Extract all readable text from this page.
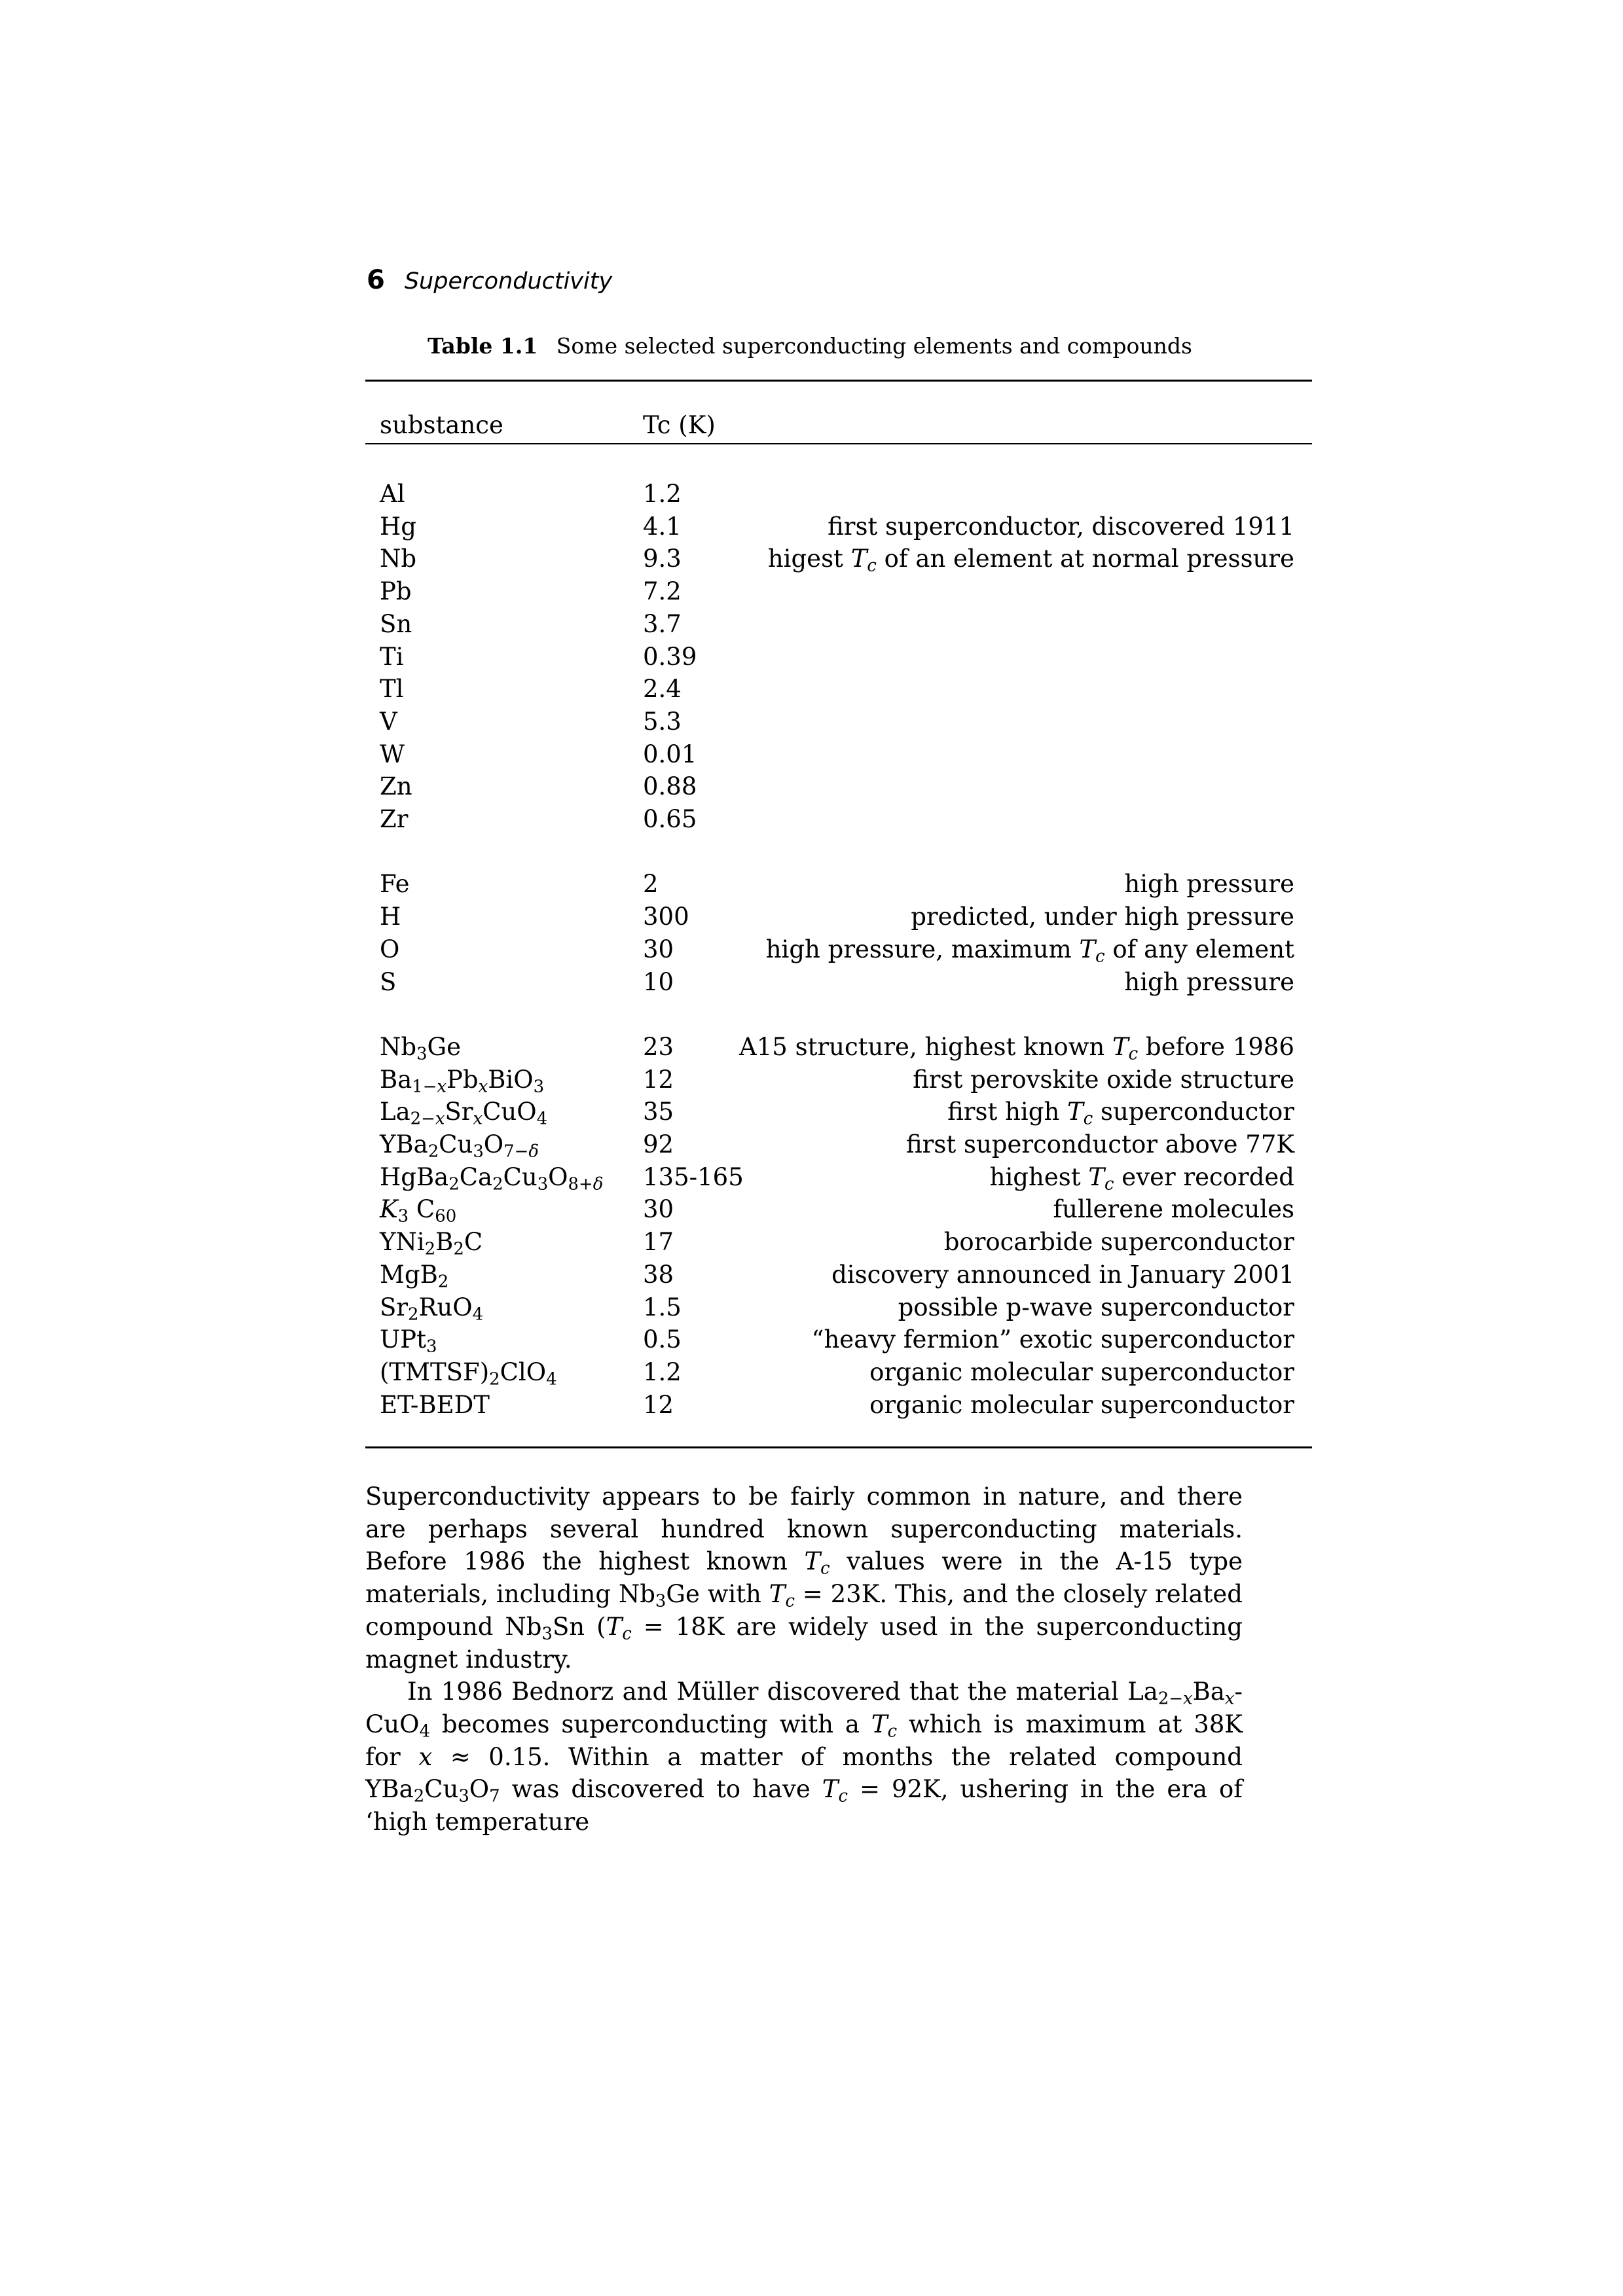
6 Superconductivity
Table 1.1 Some selected superconducting elements and compounds
substance	Tc (K)
Al	1.2
Hg	4.1	first superconductor, discovered 1911
Nb	9.3	higest $T_c$ of an element at normal pressure
Pb	7.2
Sn	3.7
Ti	0.39
Tl	2.4
V	5.3
W	0.01
Zn	0.88
Zr	0.65
Fe	2	high pressure
H	300	predicted, under high pressure
O	30	high pressure, maximum $T_c$ of any element
S	10	high pressure
$Nb_3Ge$	23	A15 structure, highest known $T_c$ before 1986
$Ba_{1-x}Pb_xBiO_3$	12	first perovskite oxide structure
$La_{2-x}Sr_xCuO_4$	35	first high $T_c$ superconductor
$YBa_2Cu_3O_{7-\delta}$	92	first superconductor above 77K
$HgBa_2Ca_2Cu_3O_{8+\delta}$ 135-165	highest $T_c$ ever recorded
$K_3$ $C_{60}$	30	fullerene molecules
$YNi_2B_2C$	17	borocarbide superconductor
MgB$_2$	38	discovery announced in January 2001
$Sr_2RuO_4$	1.5	possible p-wave superconductor
UPt$_3$	0.5	“heavy fermion” exotic superconductor
$(TMTSF)_2ClO_4$	1.2	organic molecular superconductor
ET-BEDT	12	organic molecular superconductor

Superconductivity appears to be fairly common in nature, and there are perhaps several hundred known superconducting materials. Before 1986 the highest known $T_c$ values were in the A-15 type materials, including $Nb_3Ge$ with $T_c = 23K$. This, and the closely related compound $Nb_3Sn$ ($T_c = 18K$ are widely used in the superconducting magnet industry.

In 1986 Bednorz and Müller discovered that the material $La_{2-x}Ba_x-CuO_4$ becomes superconducting with a $T_c$ which is maximum at 38K for x ≈ 0.15. Within a matter of months the related compound $YBa_2Cu_3O_7$ was discovered to have $T_c = 92K$, ushering in the era of ‘high temperature
